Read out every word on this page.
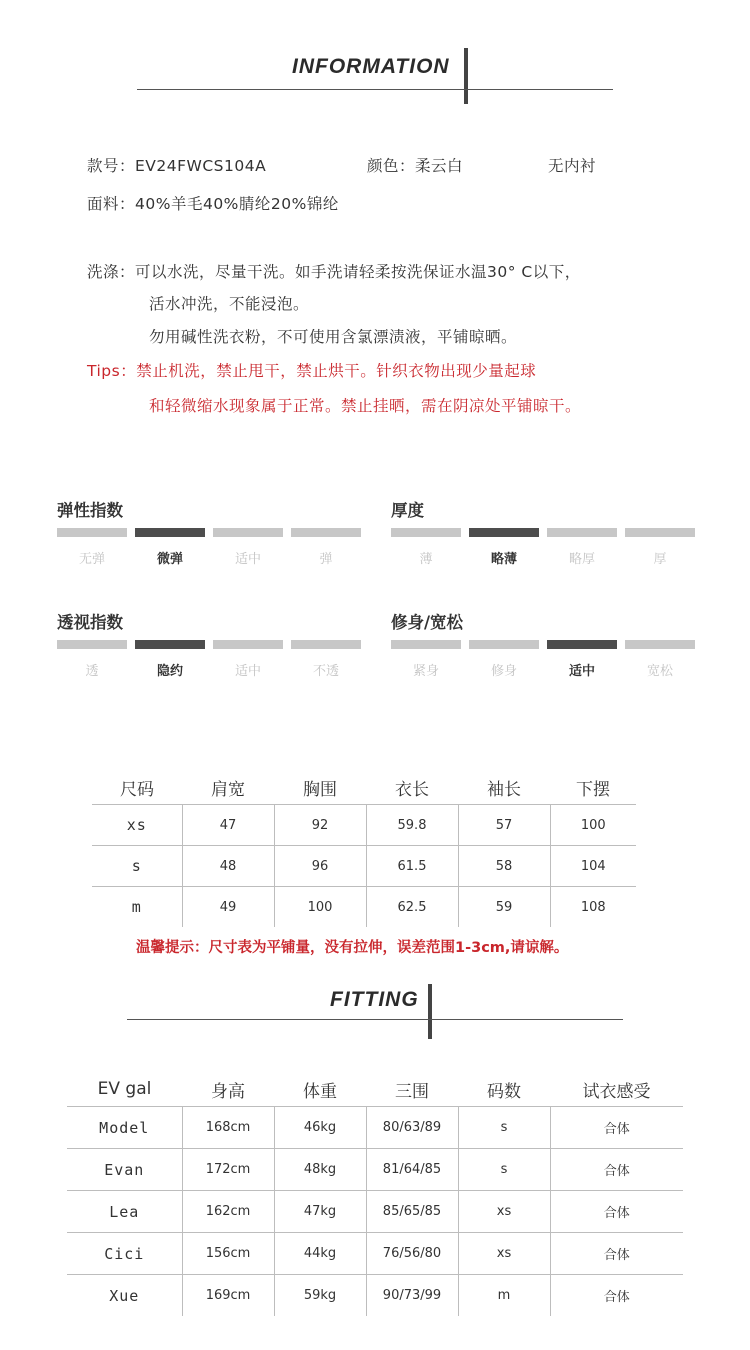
INFORMATION
款号：EV24FWCS104A	颜色：柔云白	无内衬
面料：40%羊毛40%腈纶20%锦纶
洗涤：可以水洗，尽量干洗。如手洗请轻柔按洗保证水温30° C以下，
活水冲洗，不能浸泡。
勿用碱性洗衣粉，不可使用含氯漂渍液，平铺晾晒。
Tips：禁止机洗，禁止甩干，禁止烘干。针织衣物出现少量起球
和轻微缩水现象属于正常。禁止挂晒，需在阴凉处平铺晾干。
弹性指数
无弹	微弹	适中	弹
厚度
薄	略薄	略厚	厚
透视指数
透	隐约	适中	不透
修身/宽松
紧身	修身	适中	宽松
尺码	肩宽	胸围	衣长	袖长	下摆
xs	47	92	59.8	57	100
s	48	96	61.5	58	104
m	49	100	62.5	59	108
温馨提示：尺寸表为平铺量，没有拉伸，误差范围1-3cm,请谅解。
FITTING
EV gal	身高	体重	三围	码数	试衣感受
Model	168cm	46kg	80/63/89	s	合体
Evan	172cm	48kg	81/64/85	s	合体
Lea	162cm	47kg	85/65/85	xs	合体
Cici	156cm	44kg	76/56/80	xs	合体
Xue	169cm	59kg	90/73/99	m	合体
